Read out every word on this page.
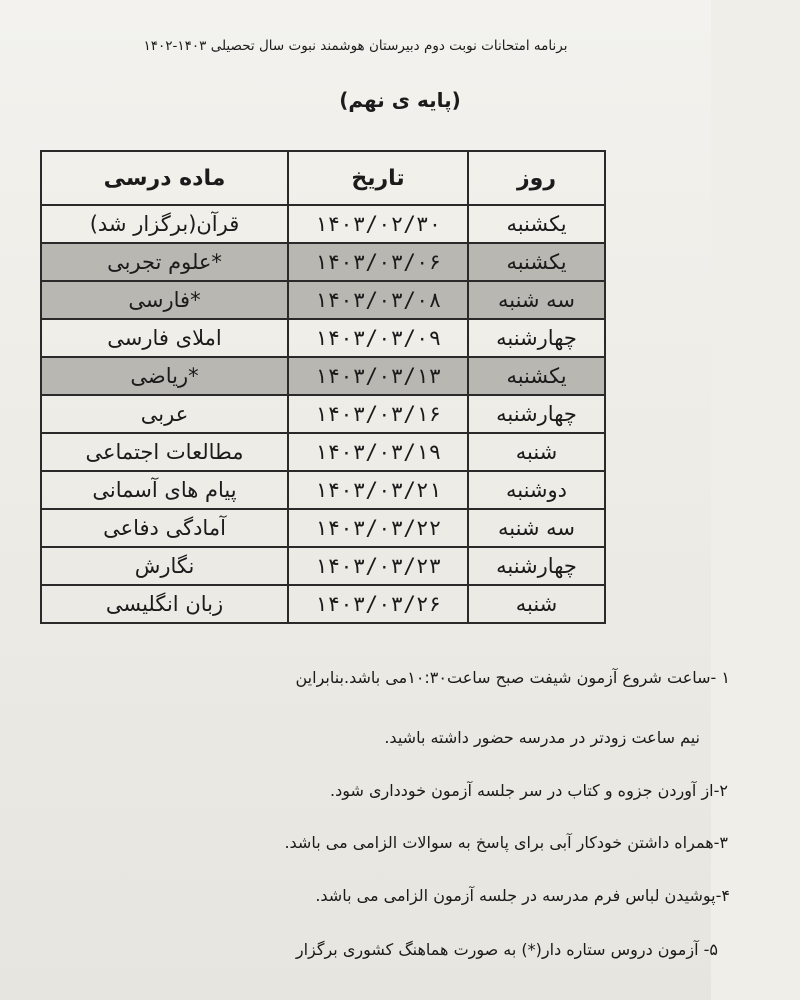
برنامه امتحانات نوبت دوم دبیرستان هوشمند نبوت سال تحصیلی ۱۴۰۳-۱۴۰۲
(پایه ی نهم)
روز	تاریخ	ماده درسی
یکشنبه	۱۴۰۳/۰۲/۳۰	قرآن(برگزار شد)
یکشنبه	۱۴۰۳/۰۳/۰۶	*علوم تجربی
سه شنبه	۱۴۰۳/۰۳/۰۸	*فارسی
چهارشنبه	۱۴۰۳/۰۳/۰۹	املای فارسی
یکشنبه	۱۴۰۳/۰۳/۱۳	*ریاضی
چهارشنبه	۱۴۰۳/۰۳/۱۶	عربی
شنبه	۱۴۰۳/۰۳/۱۹	مطالعات اجتماعی
دوشنبه	۱۴۰۳/۰۳/۲۱	پیام های آسمانی
سه شنبه	۱۴۰۳/۰۳/۲۲	آمادگی دفاعی
چهارشنبه	۱۴۰۳/۰۳/۲۳	نگارش
شنبه	۱۴۰۳/۰۳/۲۶	زبان انگلیسی
۱ -ساعت شروع آزمون شیفت صبح ساعت۱۰:۳۰می باشد.بنابراین
نیم ساعت زودتر در مدرسه حضور داشته باشید.
۲-از آوردن جزوه و کتاب در سر جلسه آزمون خودداری شود.
۳-همراه داشتن خودکار آبی برای پاسخ به سوالات الزامی می باشد.
۴-پوشیدن لباس فرم مدرسه در جلسه آزمون الزامی می باشد.
۵- آزمون دروس ستاره دار(*) به صورت هماهنگ کشوری برگزار
